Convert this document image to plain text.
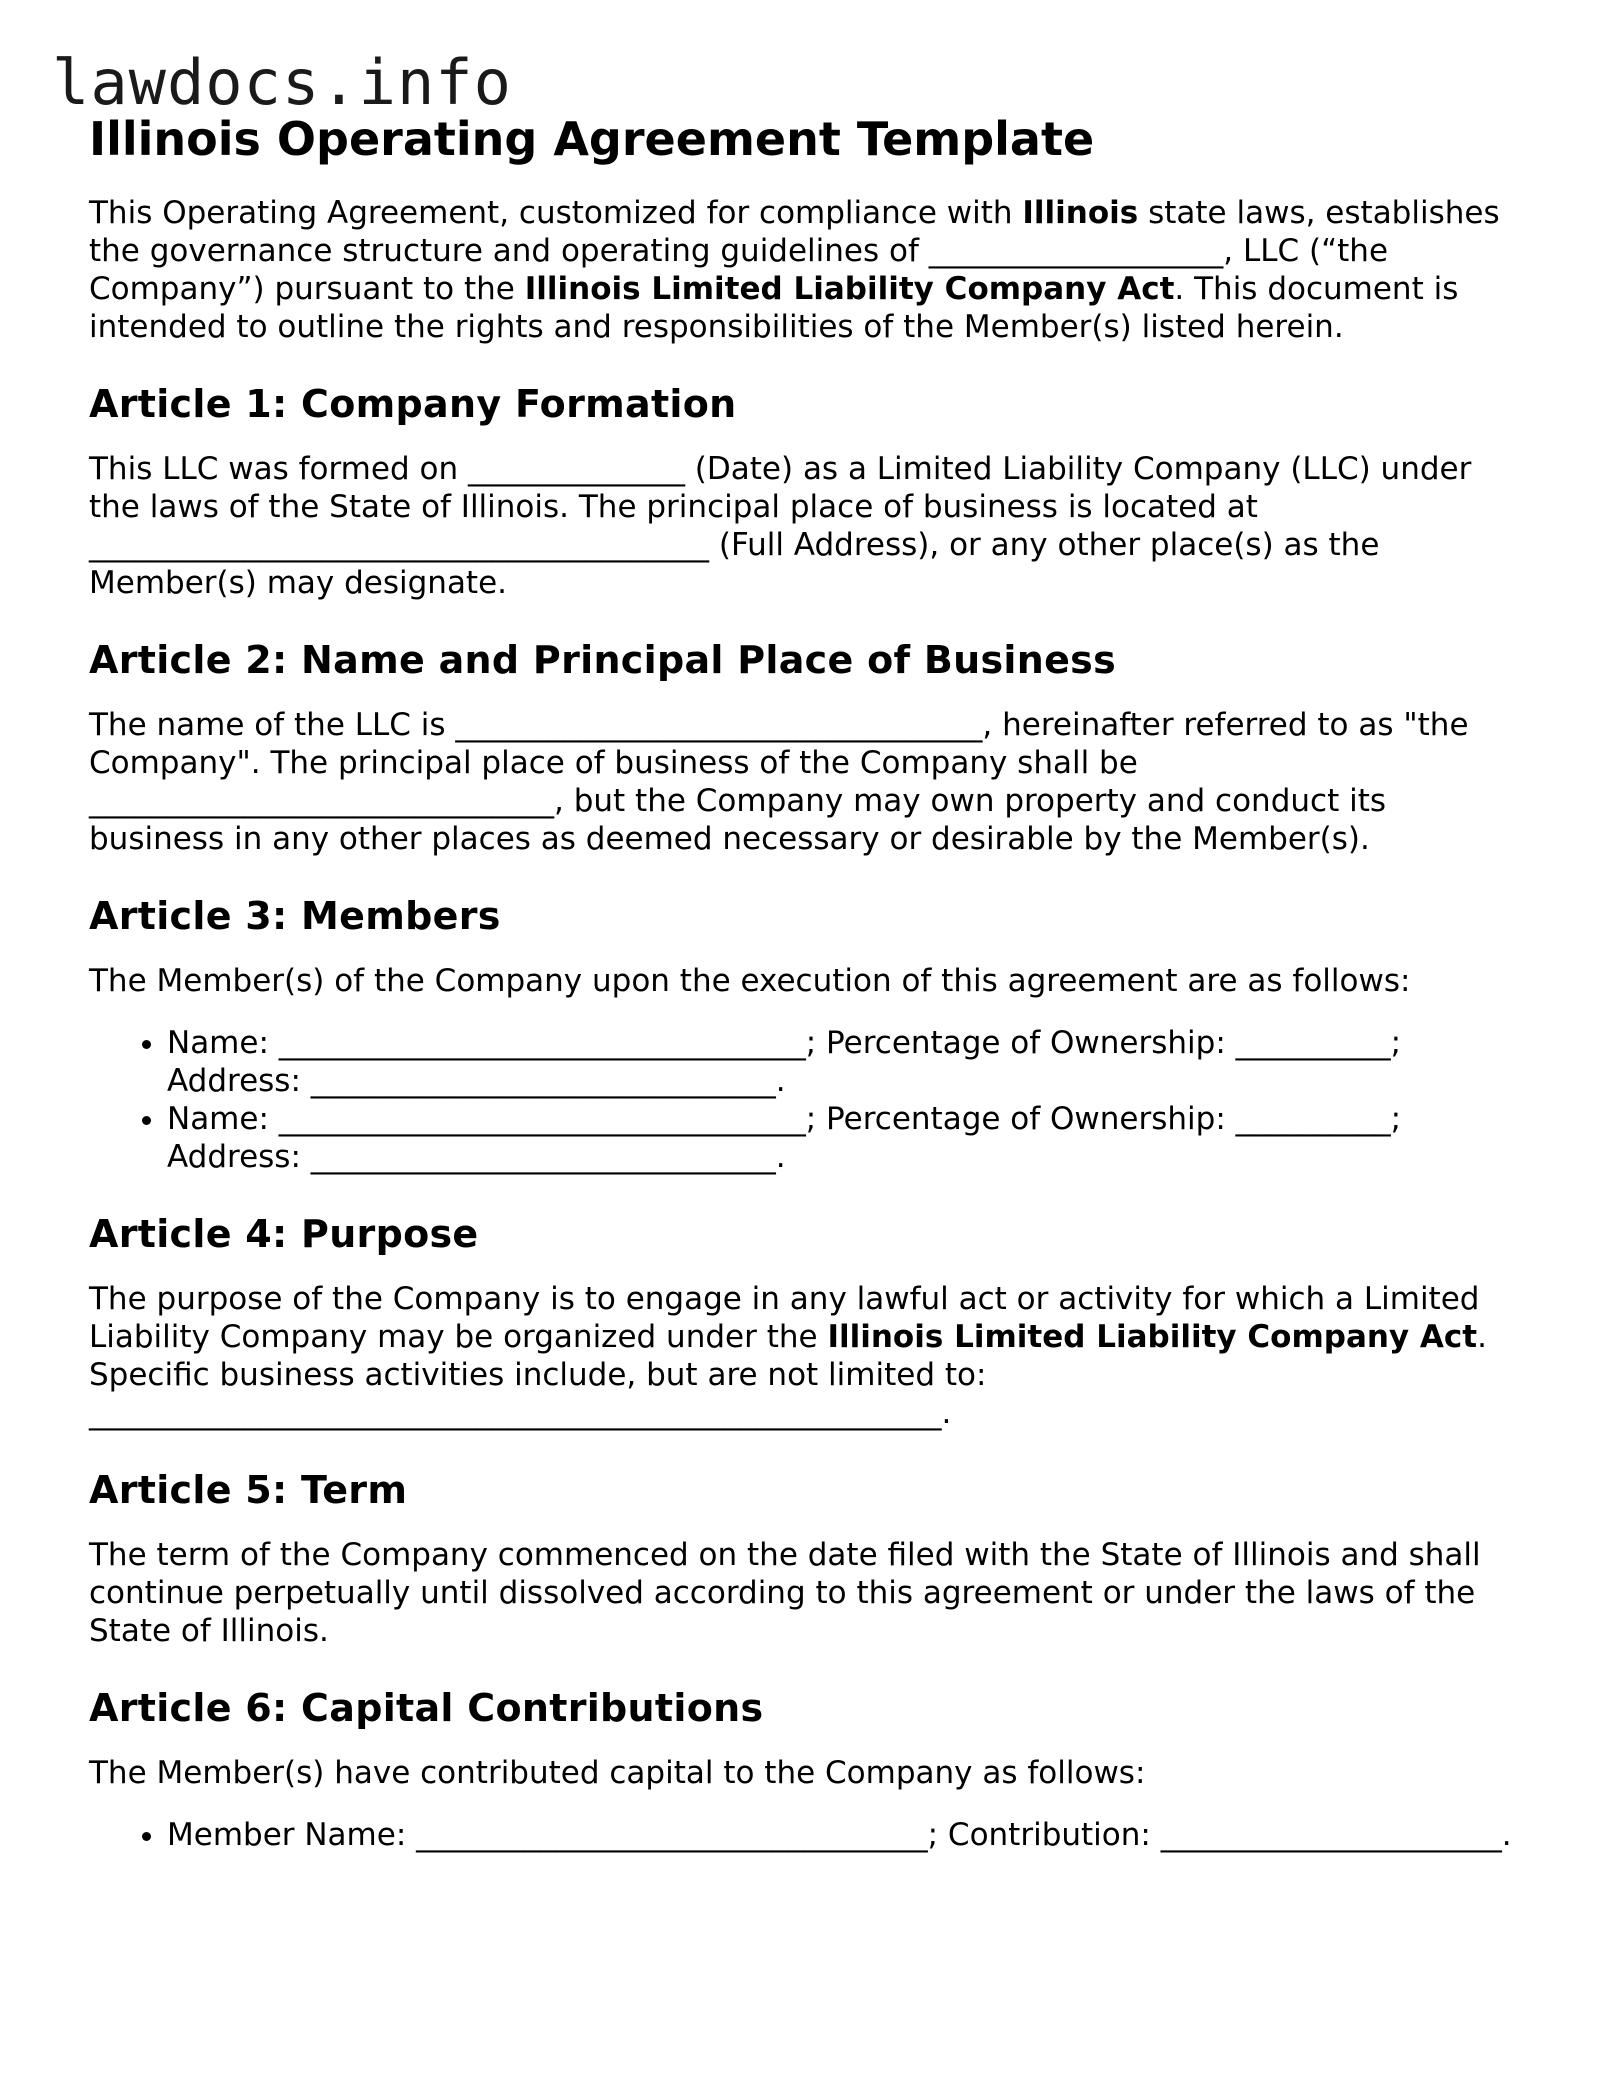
lawdocs.info
Illinois Operating Agreement Template

This Operating Agreement, customized for compliance with Illinois state laws, establishes the governance structure and operating guidelines of ___________________, LLC (“the Company”) pursuant to the Illinois Limited Liability Company Act. This document is intended to outline the rights and responsibilities of the Member(s) listed herein.

Article 1: Company Formation

This LLC was formed on ______________ (Date) as a Limited Liability Company (LLC) under the laws of the State of Illinois. The principal place of business is located at ________________________________________ (Full Address), or any other place(s) as the Member(s) may designate.

Article 2: Name and Principal Place of Business

The name of the LLC is __________________________________, hereinafter referred to as "the Company". The principal place of business of the Company shall be ______________________________, but the Company may own property and conduct its business in any other places as deemed necessary or desirable by the Member(s).

Article 3: Members

The Member(s) of the Company upon the execution of this agreement are as follows:

• Name: __________________________________; Percentage of Ownership: __________; Address: ______________________________.
• Name: __________________________________; Percentage of Ownership: __________; Address: ______________________________.
Article 4: Purpose

The purpose of the Company is to engage in any lawful act or activity for which a Limited Liability Company may be organized under the Illinois Limited Liability Company Act. Specific business activities include, but are not limited to: _______________________________________________________.

Article 5: Term

The term of the Company commenced on the date filed with the State of Illinois and shall continue perpetually until dissolved according to this agreement or under the laws of the State of Illinois.

Article 6: Capital Contributions

The Member(s) have contributed capital to the Company as follows:

• Member Name: _________________________________; Contribution: ______________________.
